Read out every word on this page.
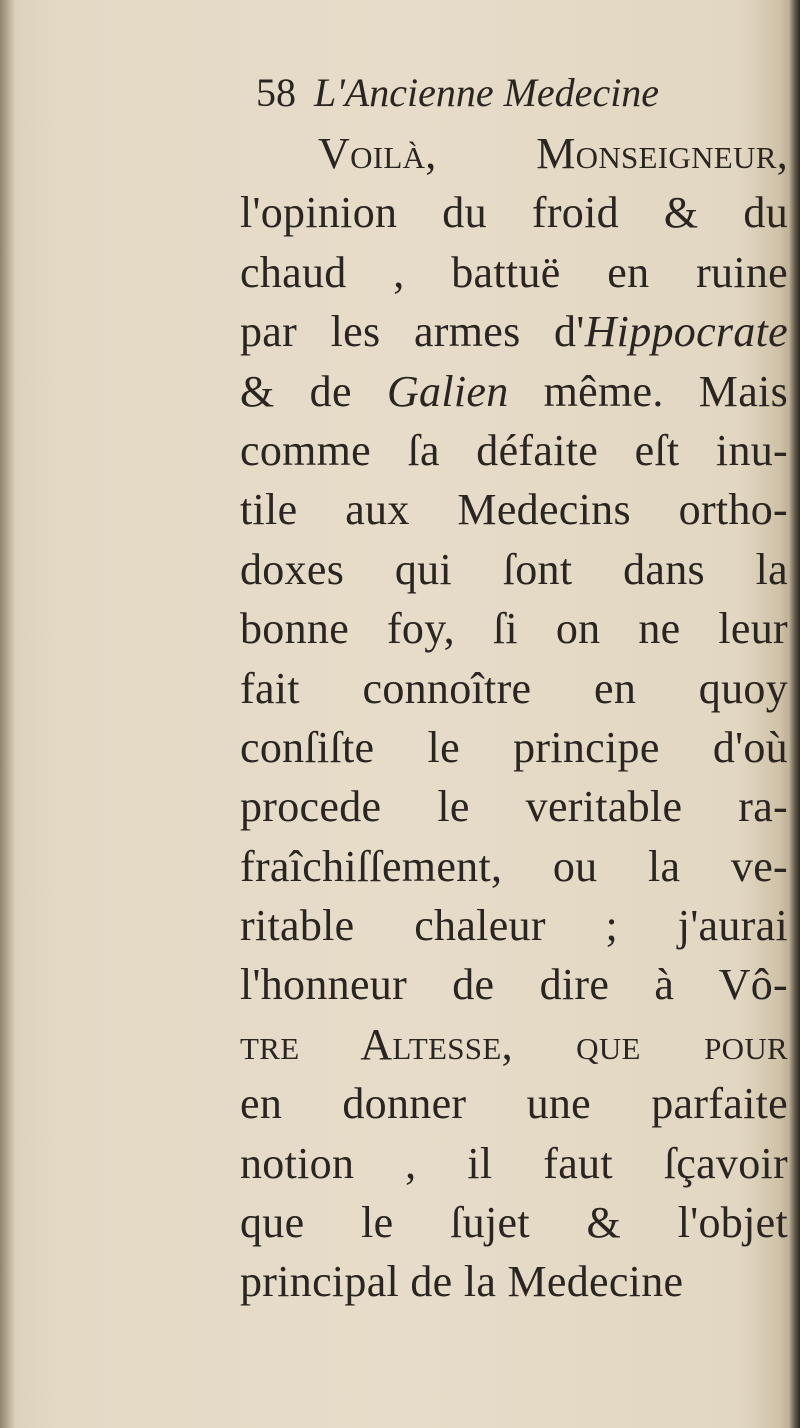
58 L'Ancienne Medecine
Voilà, Monseigneur,
l'opinion du froid & du
chaud , battuë en ruine
par les armes d'Hippocrate
& de Galien même. Mais
comme ſa défaite eſt inu-
tile aux Medecins ortho-
doxes qui ſont dans la
bonne foy, ſi on ne leur
fait connoître en quoy
conſiſte le principe d'où
procede le veritable ra-
fraîchiſſement, ou la ve-
ritable chaleur ; j'aurai
l'honneur de dire à Vô-
tre Altesse, que pour
en donner une parfaite
notion , il faut ſçavoir
que le ſujet & l'objet
principal de la Medecine
